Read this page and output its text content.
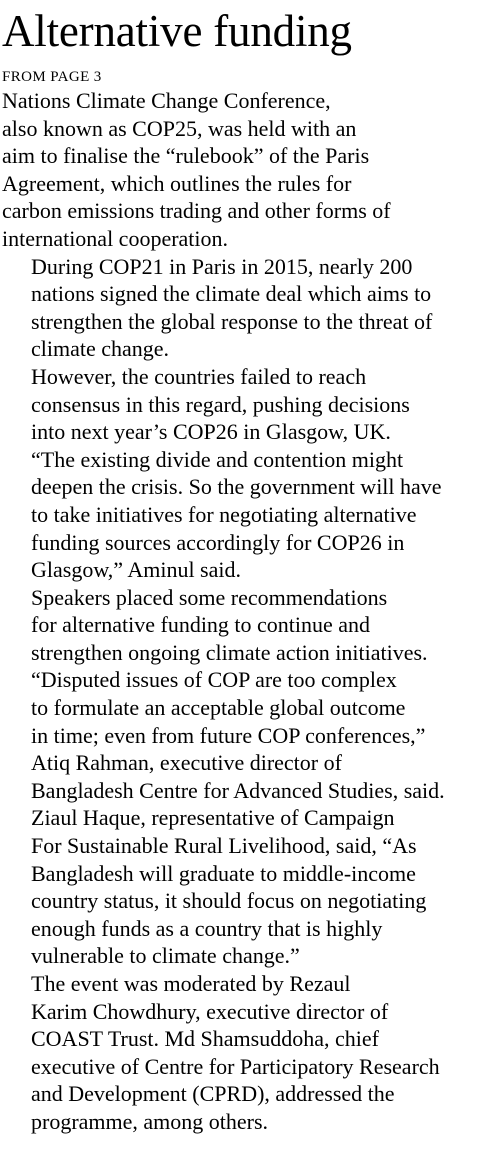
Alternative funding
FROM PAGE 3

Nations Climate Change Conference,
also known as COP25, was held with an
aim to finalise the “rulebook” of the Paris
Agreement, which outlines the rules for
carbon emissions trading and other forms of
international cooperation.

During COP21 in Paris in 2015, nearly 200
nations signed the climate deal which aims to
strengthen the global response to the threat of
climate change.

However, the countries failed to reach
consensus in this regard, pushing decisions
into next year’s COP26 in Glasgow, UK.

“The existing divide and contention might
deepen the crisis. So the government will have
to take initiatives for negotiating alternative
funding sources accordingly for COP26 in
Glasgow,” Aminul said.

Speakers placed some recommendations
for alternative funding to continue and
strengthen ongoing climate action initiatives.

“Disputed issues of COP are too complex
to formulate an acceptable global outcome
in time; even from future COP conferences,”
Atiq Rahman, executive director of
Bangladesh Centre for Advanced Studies, said.

Ziaul Haque, representative of Campaign
For Sustainable Rural Livelihood, said, “As
Bangladesh will graduate to middle-income
country status, it should focus on negotiating
enough funds as a country that is highly
vulnerable to climate change.”

The event was moderated by Rezaul
Karim Chowdhury, executive director of
COAST Trust. Md Shamsuddoha, chief
executive of Centre for Participatory Research
and Development (CPRD), addressed the
programme, among others.
